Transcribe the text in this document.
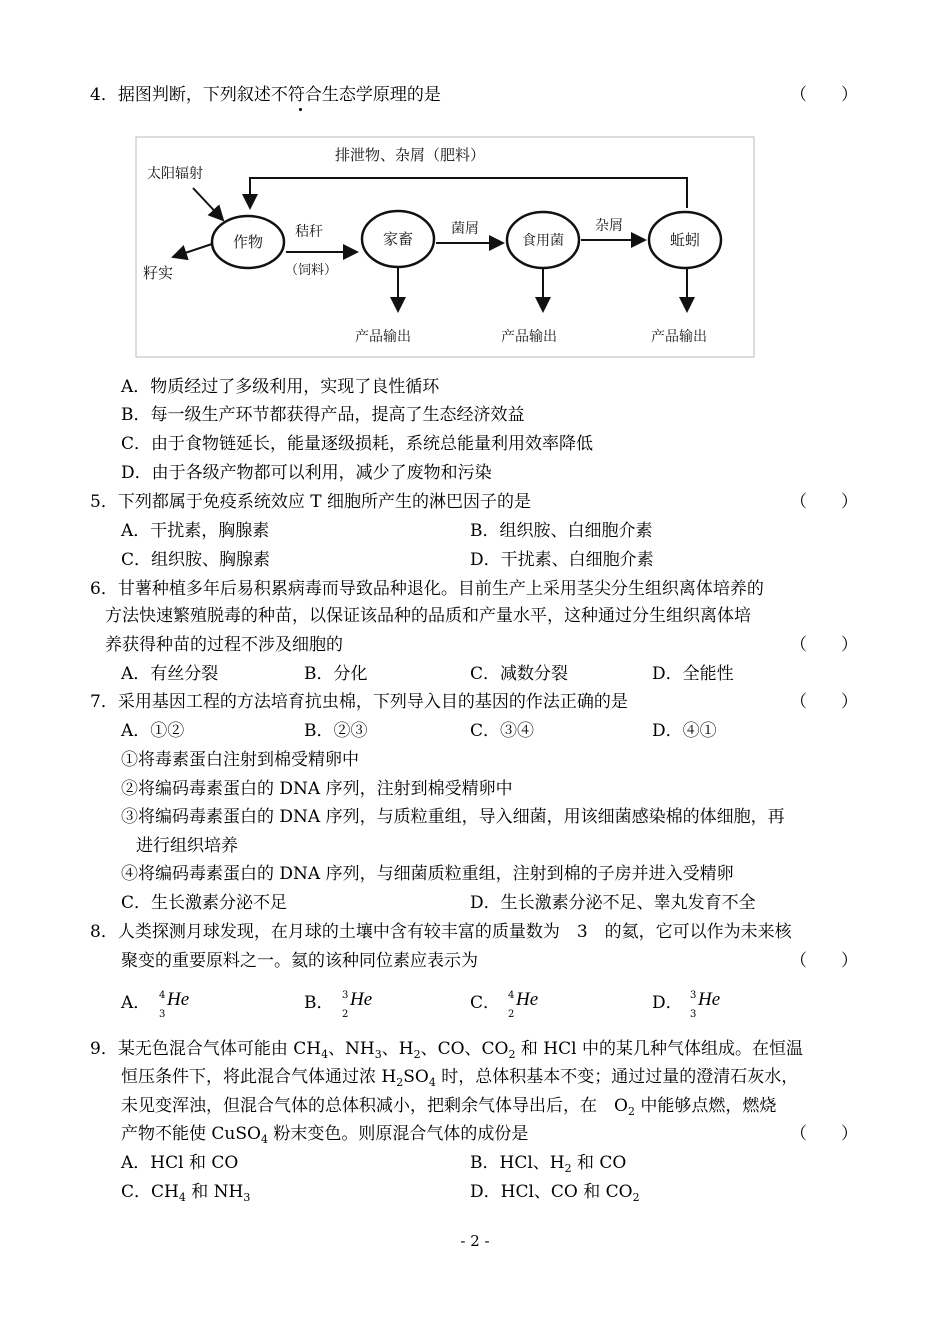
4．据图判断，下列叙述不符合生态学原理的是	（　　）
排泄物、杂屑（肥料）
太阳辐射
作物	家畜	食用菌	蚯蚓
籽实
秸秆
（饲料）
菌屑	杂屑
产品输出	产品输出	产品输出
A．物质经过了多级利用，实现了良性循环
B．每一级生产环节都获得产品，提高了生态经济效益
C．由于食物链延长，能量逐级损耗，系统总能量利用效率降低
D．由于各级产物都可以利用，减少了废物和污染
5．下列都属于免疫系统效应 T 细胞所产生的淋巴因子的是	（　　）
A．干扰素，胸腺素	B．组织胺、白细胞介素
C．组织胺、胸腺素	D．干扰素、白细胞介素
6．甘薯种植多年后易积累病毒而导致品种退化。目前生产上采用茎尖分生组织离体培养的
方法快速繁殖脱毒的种苗，以保证该品种的品质和产量水平，这种通过分生组织离体培
养获得种苗的过程不涉及细胞的	（　　）
A．有丝分裂	B．分化	C．减数分裂	D．全能性
7．采用基因工程的方法培育抗虫棉，下列导入目的基因的作法正确的是	（　　）
A．①②	B．②③	C．③④	D．④①
①将毒素蛋白注射到棉受精卵中
②将编码毒素蛋白的 DNA 序列，注射到棉受精卵中
③将编码毒素蛋白的 DNA 序列，与质粒重组，导入细菌，用该细菌感染棉的体细胞，再
进行组织培养
④将编码毒素蛋白的 DNA 序列，与细菌质粒重组，注射到棉的子房并进入受精卵
C．生长激素分泌不足	D．生长激素分泌不足、睾丸发育不全
8．人类探测月球发现，在月球的土壤中含有较丰富的质量数为　3　的氦，它可以作为未来核
聚变的重要原料之一。氦的该种同位素应表示为	（　　）
A． 4
3
He	B． 3
2
He	C． 4
2
He	D． 3
3
He
9．某无色混合气体可能由 $CH_4$、$NH_3$、$H_2$、CO、$CO_2$ 和 HCl 中的某几种气体组成。在恒温
恒压条件下，将此混合气体通过浓 $H_2SO_4$ 时，总体积基本不变；通过过量的澄清石灰水，
未见变浑浊，但混合气体的总体积减小，把剩余气体导出后，在　$O_2$ 中能够点燃，燃烧
产物不能使 CuSO$_4$ 粉末变色。则原混合气体的成份是	（　　）
A．HCl 和 CO	B．HCl、$H_2$ 和 CO
C．$CH_4$ 和 $NH_3$	D．HCl、CO 和 $CO_2$
- 2 -
